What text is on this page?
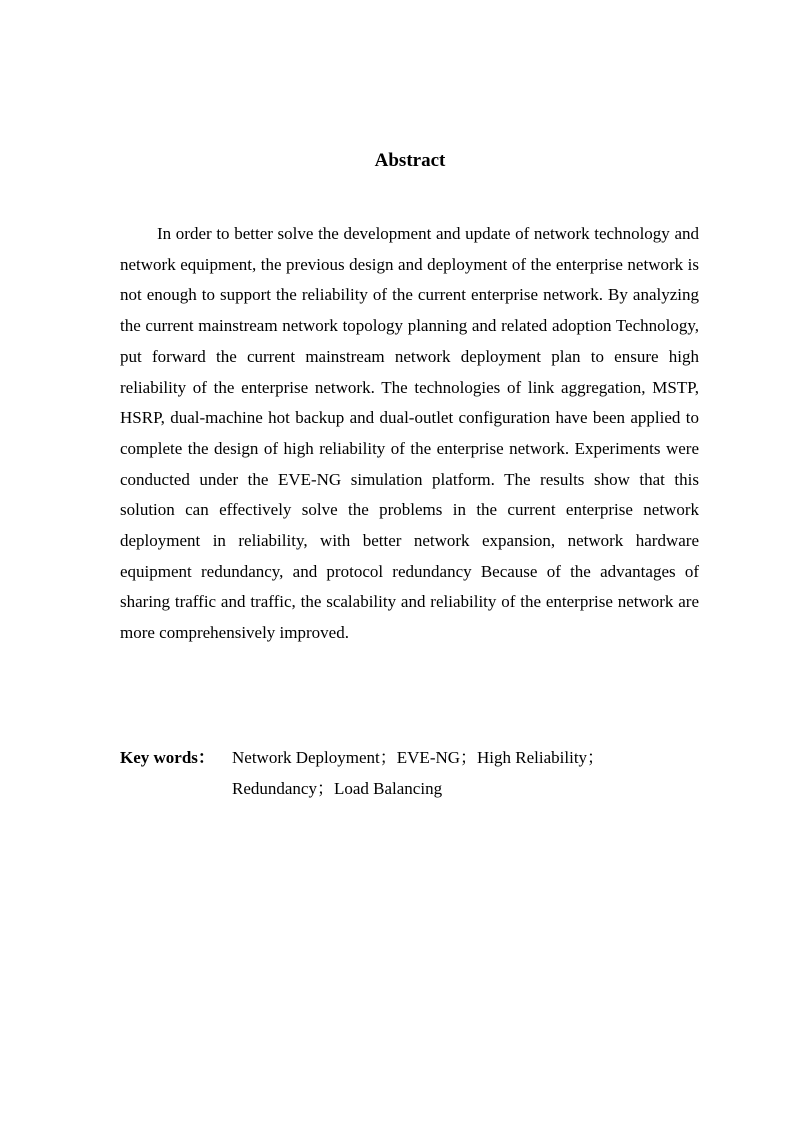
Abstract

In order to better solve the development and update of network technology and network equipment, the previous design and deployment of the enterprise network is not enough to support the reliability of the current enterprise network. By analyzing the current mainstream network topology planning and related adoption Technology, put forward the current mainstream network deployment plan to ensure high reliability of the enterprise network. The technologies of link aggregation, MSTP, HSRP, dual-machine hot backup and dual-outlet configuration have been applied to complete the design of high reliability of the enterprise network. Experiments were conducted under the EVE-NG simulation platform. The results show that this solution can effectively solve the problems in the current enterprise network deployment in reliability, with better network expansion, network hardware equipment redundancy, and protocol redundancy Because of the advantages of sharing traffic and traffic, the scalability and reliability of the enterprise network are more comprehensively improved.

Key words： Network Deployment；EVE-NG；High Reliability；
Redundancy；Load Balancing
